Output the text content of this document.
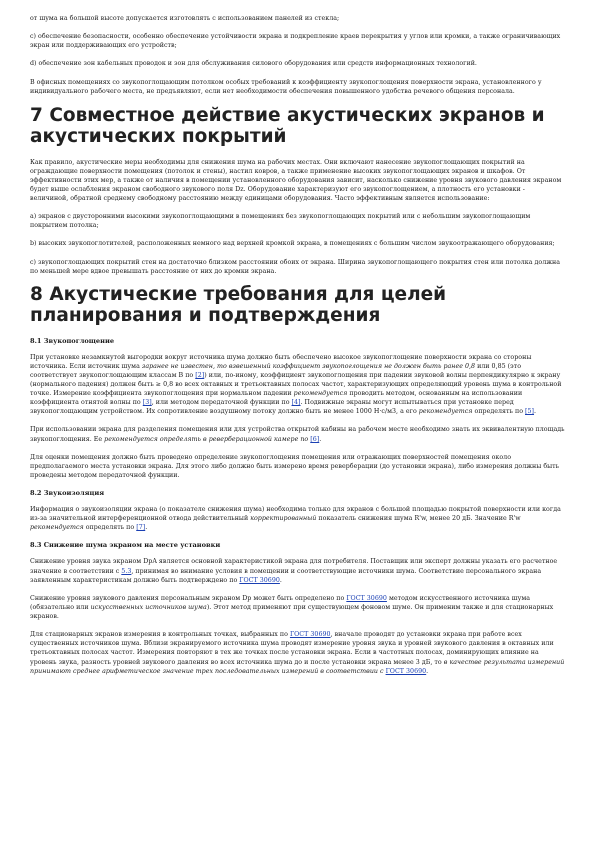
от шума на большой высоте допускается изготовлять с использованием панелей из стекла;

с) обеспечение безопасности, особенно обеспечение устойчивости экрана и подкрепление краев перекрытия у углов или кромки, а также ограничивающих экран или поддерживающих его устройств;

d) обеспечение зон кабельных проводок и зон для обслуживания силового оборудования или средств информационных технологий.

В офисных помещениях со звукопоглощающим потолком особых требований к коэффициенту звукопоглощения поверхности экрана, установленного у индивидуального рабочего места, не предъявляют, если нет необходимости обеспечения повышенного удобства речевого общения персонала.

7 Совместное действие акустических экранов и акустических покрытий

Как правило, акустические меры необходимы для снижения шума на рабочих местах. Они включают нанесение звукопоглощающих покрытий на ограждающие поверхности помещения (потолок и стены), настил ковров, а также применение высоких звукопоглощающих экранов и шкафов. От эффективности этих мер, а также от наличия в помещении установленного оборудования зависит, насколько снижение уровня звукового давления экраном будет выше ослабления экраном свободного звукового поля Dz. Оборудование характеризуют его звукопоглощением, а плотность его установки - величиной, обратной среднему свободному расстоянию между единицами оборудования. Часто эффективным является использование:

a) экранов с двусторонними высокими звукопоглощающими в помещениях без звукопоглощающих покрытий или с небольшим звукопоглощающим покрытием потолка;

b) высоких звукопоглотителей, расположенных немного над верхней кромкой экрана, в помещениях с большим числом звукоотражающего оборудования;

c) звукопоглощающих покрытий стен на достаточно близком расстоянии обоих от экрана. Ширина звукопоглощающего покрытия стен или потолка должна по меньшей мере вдвое превышать расстояние от них до кромки экрана.

8 Акустические требования для целей планирования и подтверждения
8.1 Звукопоглощение

При установке незамкнутой выгородки вокруг источника шума должно быть обеспечено высокое звукопоглощение поверхности экрана со стороны источника. Если источник шума заранее не известен, то взвешенный коэффициент звукопоглощения не должен быть ранее 0,8 или 0,85 (это соответствует звукопоглощающим классам В по [2]) или, по-иному, коэффициент звукопоглощения при падении звуковой волны перпендикулярно к экрану (нормального падения) должен быть ≥ 0,8 во всех октавных и третьоктавных полосах частот, характеризующих определяющий уровень шума в контрольной точке. Измерение коэффициента звукопоглощения при нормальном падении рекомендуется проводить методом, основанным на использовании коэффициента отнятой волны по [3], или методом передаточной функции по [4]. Подвижные экраны могут испытываться при установке перед звукопоглощающим устройством. Их сопротивление воздушному потоку должно быть не менее 1000 Н·с/м3, а его рекомендуется определять по [5].

При использовании экрана для разделения помещения или для устройства открытой кабины на рабочем месте необходимо знать их эквивалентную площадь звукопоглощения. Ее рекомендуется определять в реверберационной камере по [6].

Для оценки помещения должно быть проведено определение звукопоглощения помещения или отражающих поверхностей помещения около предполагаемого места установки экрана. Для этого либо должно быть измерено время реверберации (до установки экрана), либо измерения должны быть проведены методом передаточной функции.

8.2 Звукоизоляция

Информация о звукоизоляции экрана (о показателе снижения шума) необходима только для экранов с большой площадью покрытой поверхности или когда из-за значительной интерференционной отвода действительный корректированный показатель снижения шума R'w, менее 20 дБ. Значение R'w рекомендуется определять по [7].

8.3 Снижение шума экраном на месте установки

Снижение уровня звука экраном DpA является основной характеристикой экрана для потребителя. Поставщик или эксперт должны указать его расчетное значение в соответствии с 5.3, принимая во внимание условия в помещении и соответствующие источники шума. Соответствие персонального экрана заявленным характеристикам должно быть подтверждено по ГОСТ 30690.

Снижение уровня звукового давления персональным экраном Dp может быть определено по ГОСТ 30690 методом искусственного источника шума (обязательно или искусственных источников шума). Этот метод применяют при существующем фоновом шуме. Он применим также и для стационарных экранов.

Для стационарных экранов измерения в контрольных точках, выбранных по ГОСТ 30690, вначале проводят до установки экрана при работе всех существенных источников шума. Вблизи экранируемого источника шума проводят измерение уровня звука и уровней звукового давления в октавных или третьоктавных полосах частот. Измерения повторяют в тех же точках после установки экрана. Если в частотных полосах, доминирующих влияние на уровень звука, разность уровней звукового давления во всех источника шума до и после установки экрана менее 3 дБ, то в качестве результата измерений принимают среднее арифметическое значение трех последовательных измерений в соответствии с ГОСТ 30690.
